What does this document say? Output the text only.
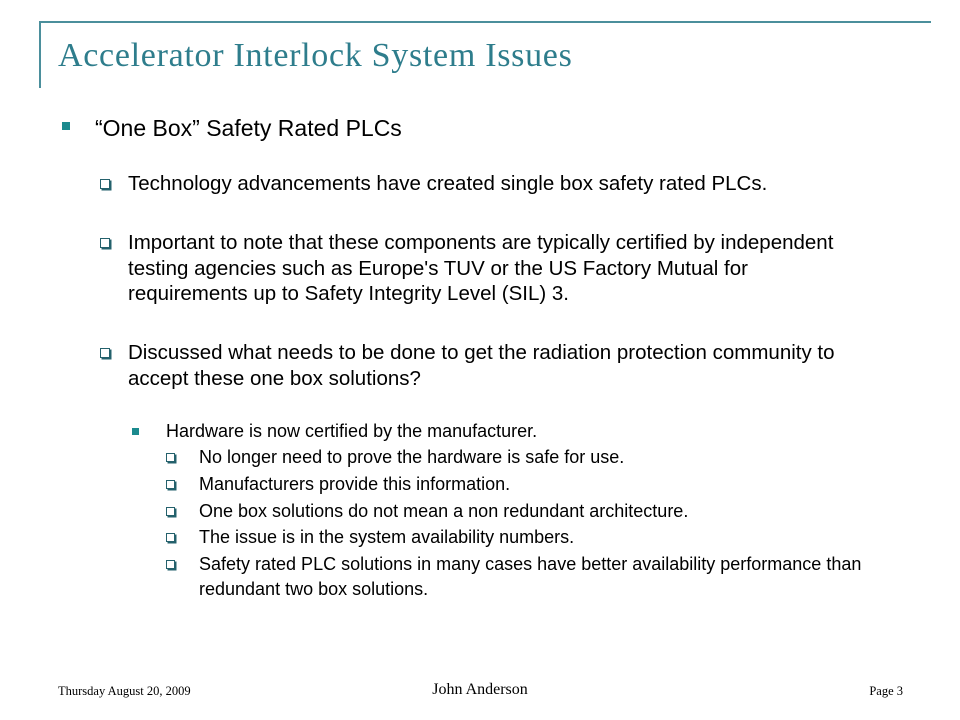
Accelerator Interlock System Issues
“One Box” Safety Rated PLCs
Technology advancements have created single box safety rated PLCs.
Important to note that these components are typically certified by independent
testing agencies such as Europe's TUV or the US Factory Mutual for
requirements up to Safety Integrity Level (SIL) 3.
Discussed what needs to be done to get the radiation protection community to
accept these one box solutions?
Hardware is now certified by the manufacturer.
No longer need to prove the hardware is safe for use.
Manufacturers provide this information.
One box solutions do not mean a non redundant architecture.
The issue is in the system availability numbers.
Safety rated PLC solutions in many cases have better availability performance than
redundant two box solutions.
Thursday August 20, 2009	John Anderson	Page 3
